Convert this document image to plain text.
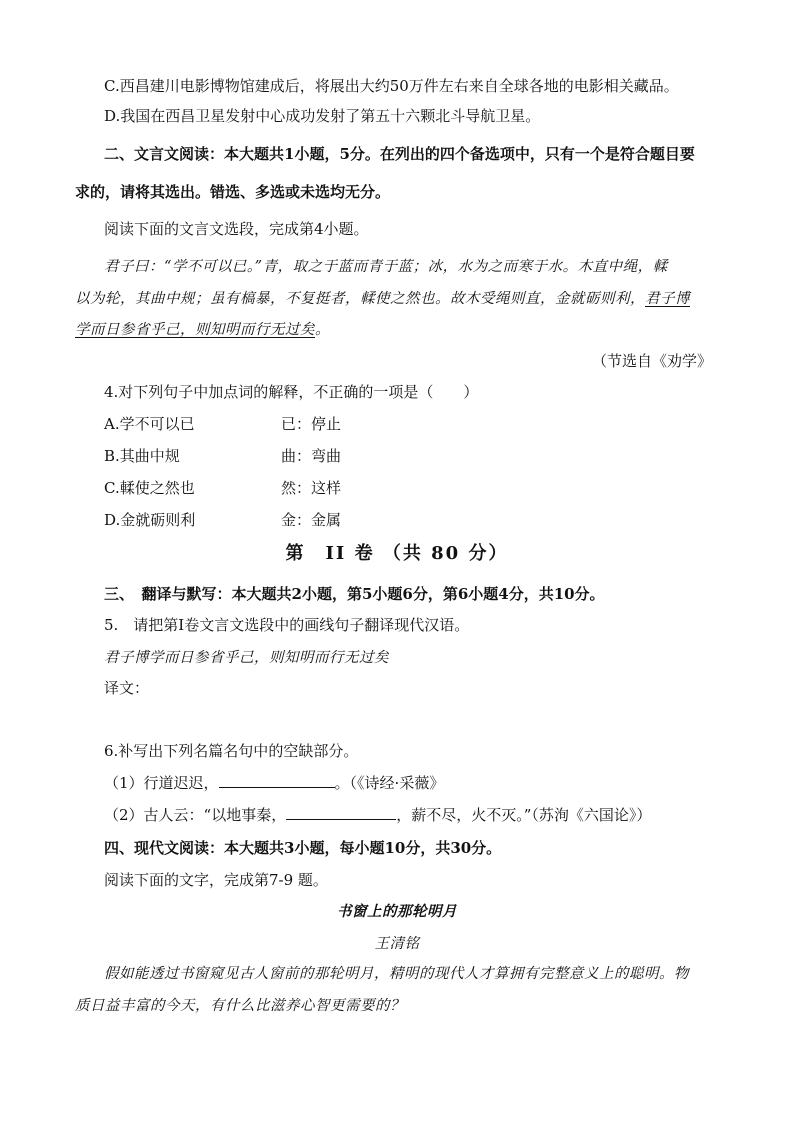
C.西昌建川电影博物馆建成后，将展出大约50万件左右来自全球各地的电影相关藏品。
D.我国在西昌卫星发射中心成功发射了第五十六颗北斗导航卫星。
二、文言文阅读：本大题共1小题，5分。在列出的四个备选项中，只有一个是符合题目要
求的，请将其选出。错选、多选或未选均无分。
阅读下面的文言文选段，完成第4小题。
君子曰：“学不可以已。”青，取之于蓝而青于蓝；冰，水为之而寒于水。木直中绳，輮
以为轮，其曲中规；虽有槁暴，不复挺者，輮使之然也。故木受绳则直，金就砺则利，君子博
学而日参省乎己，则知明而行无过矣。
（节选自《劝学》
4.对下列句子中加点词的解释，不正确的一项是（　　）
A.学不可以已	已：停止
B.其曲中规	曲：弯曲
C.輮使之然也	然：这样
D.金就砺则利	金：金属
第　II 卷 （共 80 分）
三、　翻译与默写：本大题共2小题，第5小题6分，第6小题4分，共10分。
5.　请把第I卷文言文选段中的画线句子翻译现代汉语。
君子博学而日参省乎己，则知明而行无过矣
译文：
6.补写出下列名篇名句中的空缺部分。
（1）行道迟迟，	。（《诗经·采薇》
（2）古人云：“以地事秦，	，薪不尽，火不灭。”（苏洵《六国论》）
四、现代文阅读：本大题共3小题，每小题10分，共30分。
阅读下面的文字，完成第7-9 题。
书窗上的那轮明月
王清铭
假如能透过书窗窥见古人窗前的那轮明月，精明的现代人才算拥有完整意义上的聪明。物
质日益丰富的今天，有什么比滋养心智更需要的？
